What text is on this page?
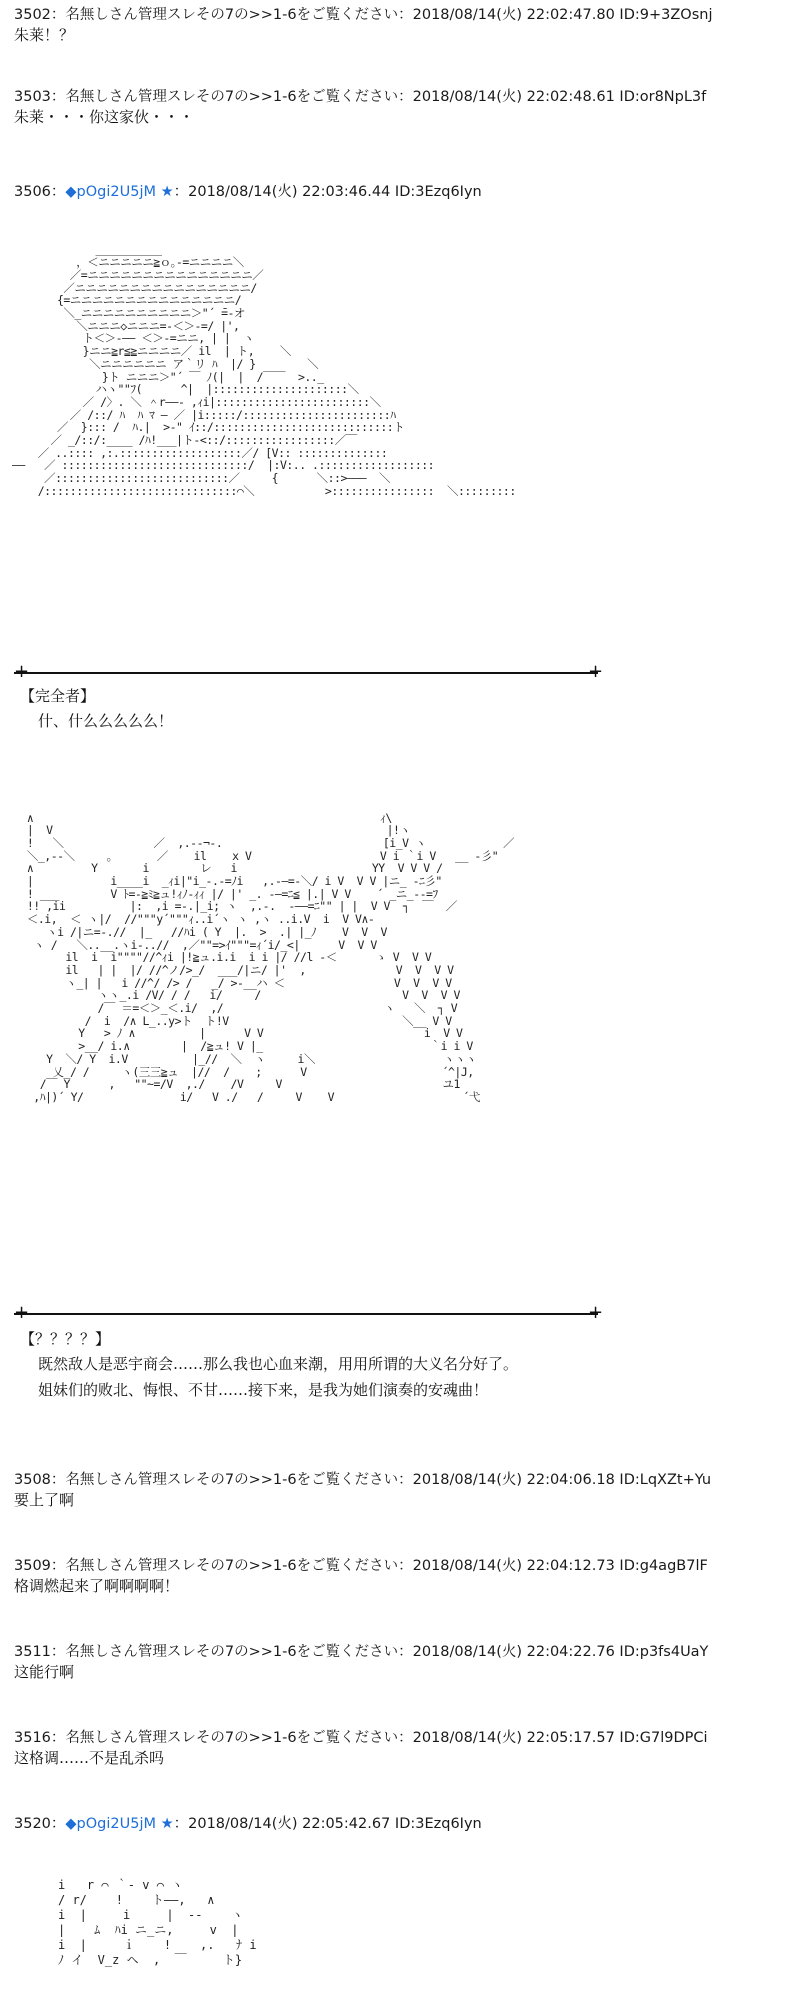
3502：名無しさん管理スレその7の>>1-6をご覧ください：2018/08/14(火) 22:02:47.80 ID:9+3ZOsnj
朱莱！？
3503：名無しさん管理スレその7の>>1-6をご覧ください：2018/08/14(火) 22:02:48.61 ID:or8NpL3f
朱莱・・・你这家伙・・・
3506：◆pOgi2U5jM ★：2018/08/14(火) 22:03:46.44 ID:3Ezq6Iyn
＿＿＿＿＿＿
，＜ニニニニニ≧ｏ｡-=ニニニニ＼
／=ニニニニニニニニニニニニニニニ／
／ニニニニニニニニニニニニニニニニ/
{=ニニニニニニニニニニニニニニニ/
＼_ニニニニニニニニニニ＞"´ ̄=-オ
＼ニニニ◇ニニニ=-＜＞-=/ |',
ト＜＞-―― ＜＞-=ニニ, | |  ヽ
}ニニ≧r≦≧ニニニニ／ il  | ト,    ＼
＼ニニニニニニ ア｀リ ﾊ  |/ }        ＼
}ト ニニニ＞"´ ￣ ﾉ(|  |  /￣￣  >.._
ハヽ""ﾌ(      ^|  |:::::::::::::::::::::＼
／ /〉. ＼ ＾r――- ,ｨi|::::::::::::::::::::::::＼
／ /::/ ﾊ  ﾊ ﾏ ― ／ |i:::::/:::::::::::::::::::::::ﾊ
／  }::: /  ﾊ.|  >-" ｲ::/::::::::::::::::::::::::::::ト
／ _/::/:____ /ﾊ!___|ト-<::/:::::::::::::::::／￣
／ ..:::: ,:.:::::::::::::::::::／/ [V:: ::::::::::::::
――   ／ :::::::::::::::::::::::::::::/  |:V:.. .::::::::::::::::::
／:::::::::::::::::::::::::::／     {      ＼::>―――  ＼
/::::::::::::::::::::::::::::::⌒＼           >::::::::::::::::  ＼:::::::::
+	+
【完全者】
什、什么么么么么！
∧                                                      ｨ\
|  V                                                    |!ヽ
!   ＼              ／  ,.-‐¬-.                         [i_V ヽ            ／
＼_,-‐＼     ｡       ／    il    x V                    V i ｀i V   __ ‐彡"
∧         Y       i        レ   i                     YY  V V V /
|            i____i  _ｨi|"i_-.-=ﾉi   ,.-―=-＼/ i V  V V |ニ_ ‐ﾆ彡"
! ___        V ﾄ=‐≧ﾐ≧ュ!ｨﾉ-ｨｨ |/ |' _. -―=ﾆ≦ |.| V V    ´ _ニ_-‐=ﾌ
!! ,ii          |:  ,i =-.|_i; ヽ  ,.-.  ‐――=ﾆ"" | |  V V  ┐  ￣  ／
＜.i,  ＜ ヽ|/  //"""y´"""ｨ..i´ヽ ヽ ,ヽ ..i.V  i  V V∧-
ヽi /|ニ=-.//  |_   //ﾊi ( Y  |.  >  .| |_ﾉ    V  V  V
ヽ /   ＼..__.ヽi-..//  ,／""=>ｲ"""=ｨ´i/_<|      V  V V
il  i  i""""//^ｨi |!≧ュ.i.i  i i |/ //l -＜      ゝ V  V V
il   | |  |/ //^ノ/>_/  ___/|ニ/ |'  ,              V  V  V V
ヽ_| |   i //^/ /> /   _/ >-__ハ ＜                 V  V  V V
ヽヽ_.i /V/ / /   i/     /                      V  V  V V
/￣ ＝=＜＞_＜.i/  ,/                         ヽ   ＼  ┐ V
/  i  /∧ L_..y>ト  ト!V                           ＼__ V V
Y   > ﾉ ∧          |      V V                         i  V V
>__/ i.∧        |  /≧ュ! V |_                          ｀i i V
Y  ＼/ Y  i.V          |_//  ＼  ヽ     i＼                    ヽヽヽ
乂_/ /     ヽ(三三≧ュ  |//  /    ;      V                     ´^|J,
/￣ Y      ,   ""~=/V  ,./    /V     V                         ユ1
,ﾊ|)´ Y/               i/   V ./   /     V    V                    ´弋
+	+
【？？？？】
既然敌人是恶宇商会……那么我也心血来潮，用用所谓的大义名分好了。
姐妹们的败北、悔恨、不甘……接下来，是我为她们演奏的安魂曲！
3508：名無しさん管理スレその7の>>1-6をご覧ください：2018/08/14(火) 22:04:06.18 ID:LqXZt+Yu
要上了啊
3509：名無しさん管理スレその7の>>1-6をご覧ください：2018/08/14(火) 22:04:12.73 ID:g4agB7lF
格调燃起来了啊啊啊啊！
3511：名無しさん管理スレその7の>>1-6をご覧ください：2018/08/14(火) 22:04:22.76 ID:p3fs4UaY
这能行啊
3516：名無しさん管理スレその7の>>1-6をご覧ください：2018/08/14(火) 22:05:17.57 ID:G7l9DPCi
这格调……不是乱杀吗
3520：◆pOgi2U5jM ★：2018/08/14(火) 22:05:42.67 ID:3Ezq6Iyn
i   r ⌒ ｀- v ⌒ ヽ
/ r/    !    ト――,   ∧
i  |     i     |  ‐‐    ヽ
|    ﾑ  ﾊi ニ_ニ,     v  |
i  |     ｉ    !    ,.   ﾅ i
ﾉ イ  V_z ヘ  ,  ￣     ト}
